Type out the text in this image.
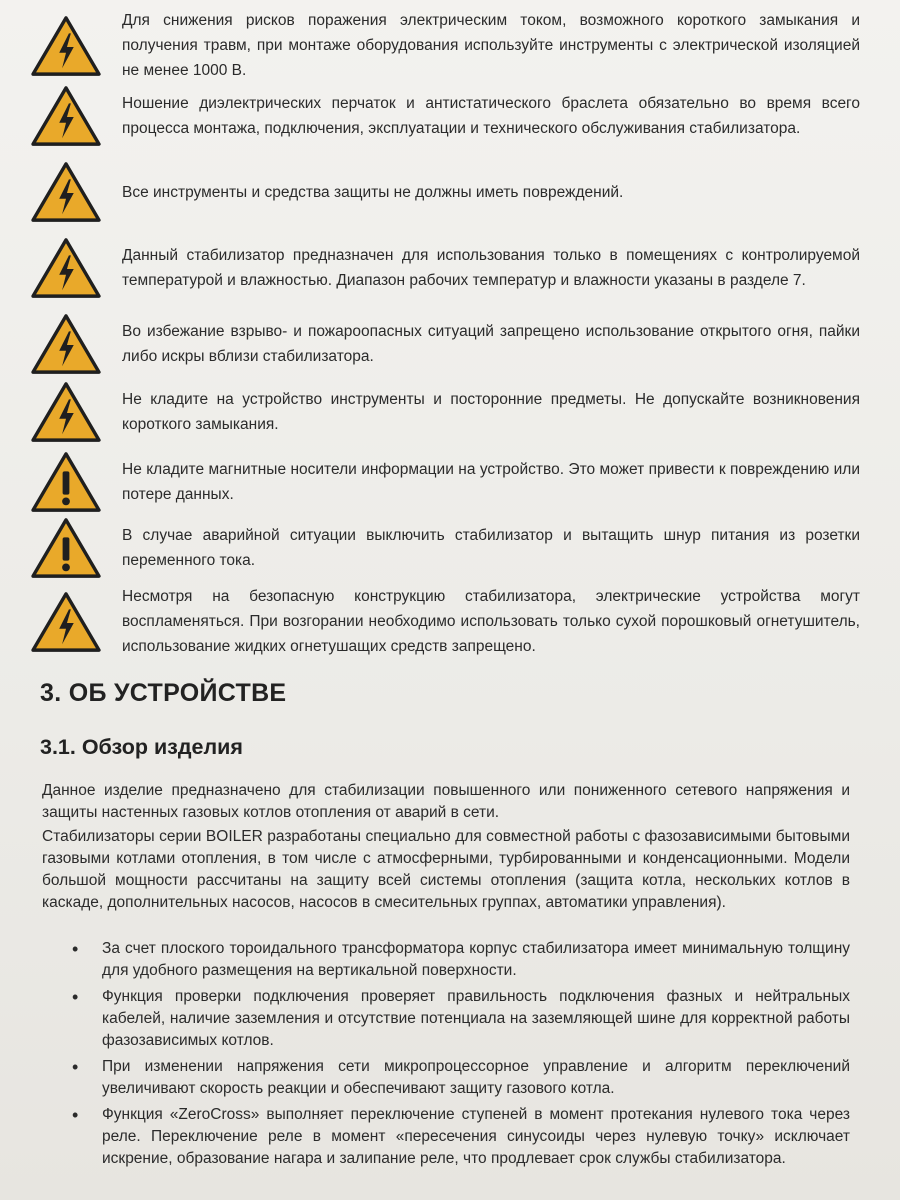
Для снижения рисков поражения электрическим током, возможного короткого замыкания и получения травм, при монтаже оборудования используйте инструменты с электрической изоляцией не менее 1000 В.
Ношение диэлектрических перчаток и антистатического браслета обязательно во время всего процесса монтажа, подключения, эксплуатации и технического обслуживания стабилизатора.
Все инструменты и средства защиты не должны иметь повреждений.
Данный стабилизатор предназначен для использования только в помещениях с контролируемой температурой и влажностью. Диапазон рабочих температур и влажности указаны в разделе 7.
Во избежание взрыво- и пожароопасных ситуаций запрещено использование открытого огня, пайки либо искры вблизи стабилизатора.
Не кладите на устройство инструменты и посторонние предметы. Не допускайте возникновения короткого замыкания.
Не кладите магнитные носители информации на устройство. Это может привести к повреждению или потере данных.
В случае аварийной ситуации выключить стабилизатор и вытащить шнур питания из розетки переменного тока.
Несмотря на безопасную конструкцию стабилизатора, электрические устройства могут воспламеняться. При возгорании необходимо использовать только сухой порошковый огнетушитель, использование жидких огнетушащих средств запрещено.
3. ОБ УСТРОЙСТВЕ
3.1. Обзор изделия
Данное изделие предназначено для стабилизации повышенного или пониженного сетевого напряжения и защиты настенных газовых котлов отопления от аварий в сети.
Стабилизаторы серии BOILER разработаны специально для совместной работы с фазозависимыми бытовыми газовыми котлами отопления, в том числе с атмосферными, турбированными и конденсационными. Модели большой мощности рассчитаны на защиту всей системы отопления (защита котла, нескольких котлов в каскаде, дополнительных насосов, насосов в смесительных группах, автоматики управления).
• За счет плоского тороидального трансформатора корпус стабилизатора имеет минимальную толщину для удобного размещения на вертикальной поверхности.
• Функция проверки подключения проверяет правильность подключения фазных и нейтральных кабелей, наличие заземления и отсутствие потенциала на заземляющей шине для корректной работы фазозависимых котлов.
• При изменении напряжения сети микропроцессорное управление и алгоритм переключений увеличивают скорость реакции и обеспечивают защиту газового котла.
• Функция «ZeroCross» выполняет переключение ступеней в момент протекания нулевого тока через реле. Переключение реле в момент «пересечения синусоиды через нулевую точку» исключает искрение, образование нагара и залипание реле, что продлевает срок службы стабилизатора.
